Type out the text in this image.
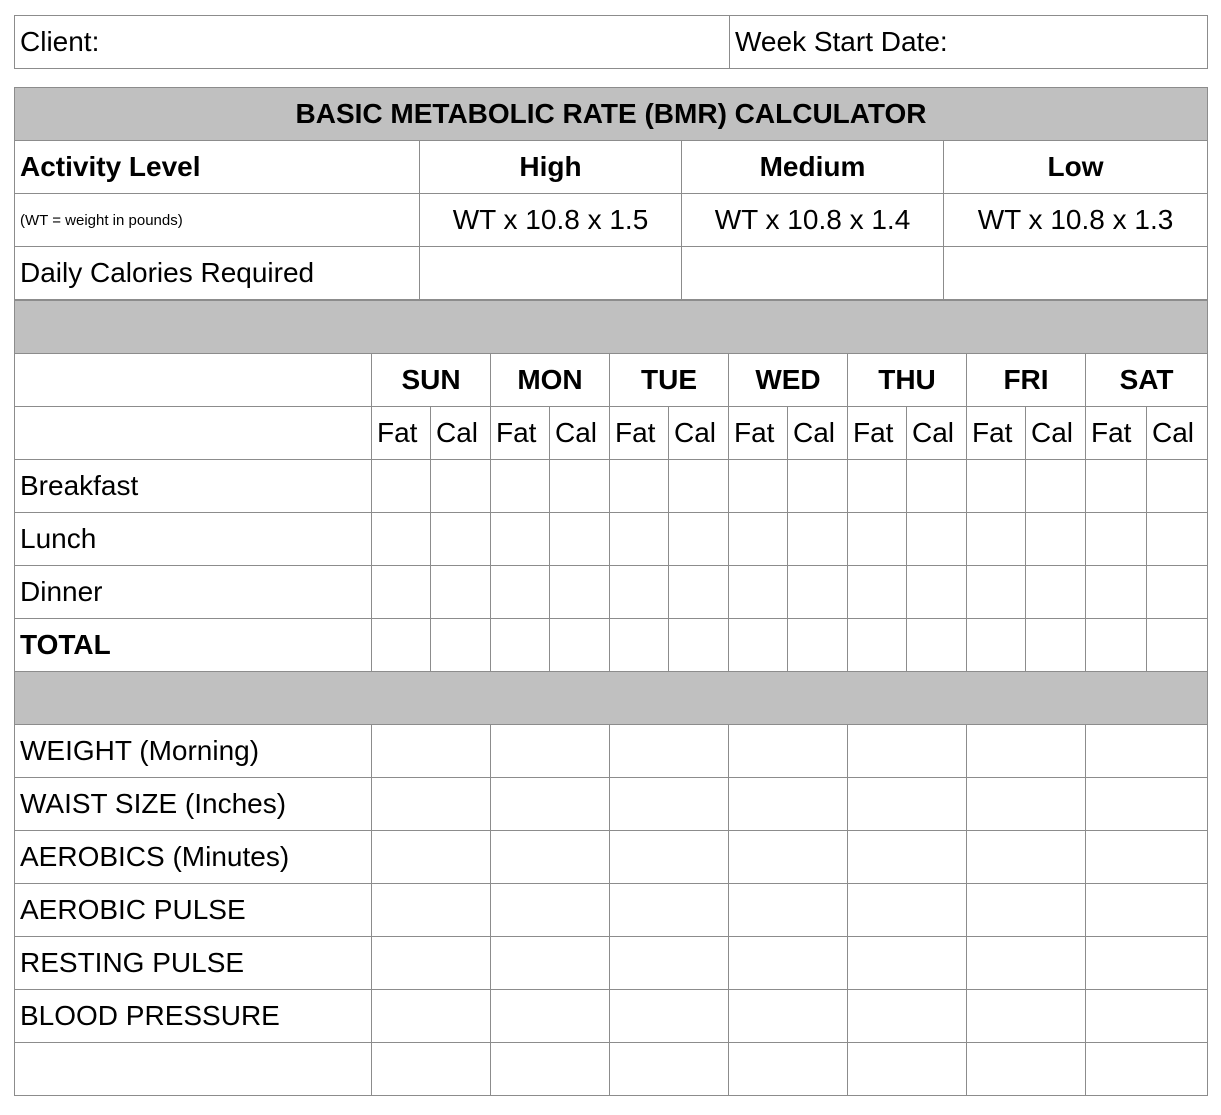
Client:	Week Start Date:
BASIC METABOLIC RATE (BMR) CALCULATOR			
Activity Level	High	Medium	Low
(WT = weight in pounds)	WT x 10.8 x 1.5	WT x 10.8 x 1.4	WT x 10.8 x 1.3
Daily Calories Required			

	SUN		MON		TUE		WED		THU		FRI		SAT	
	Fat	Cal	Fat	Cal	Fat	Cal	Fat	Cal	Fat	Cal	Fat	Cal	Fat	Cal
Breakfast														
Lunch														
Dinner														
TOTAL														

WEIGHT (Morning)														
WAIST SIZE (Inches)														
AEROBICS (Minutes)														
AEROBIC PULSE														
RESTING PULSE														
BLOOD PRESSURE														
